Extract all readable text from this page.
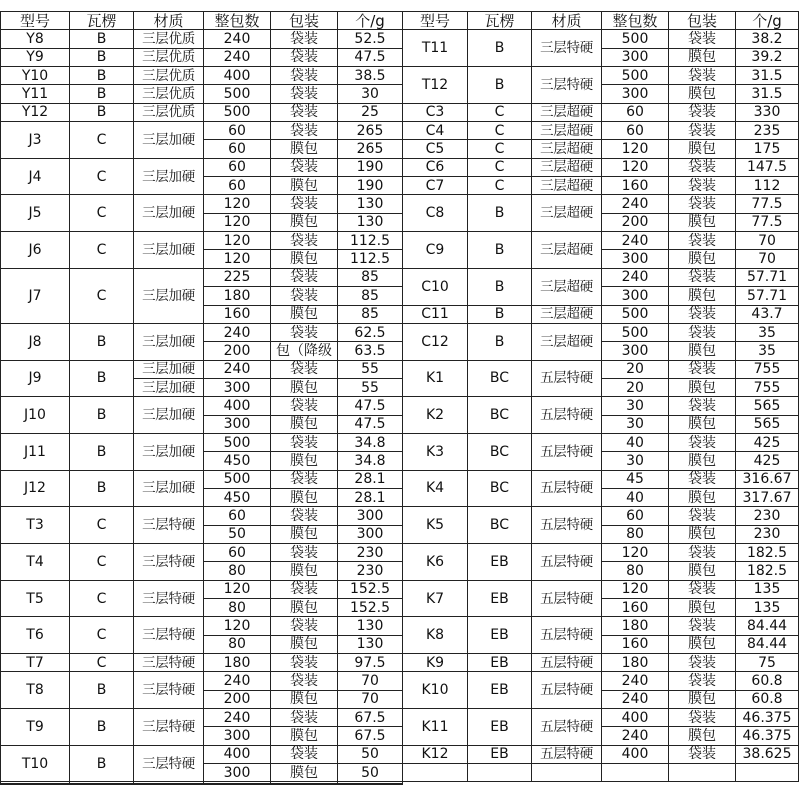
型号	瓦楞	材质	整包数	包装	个/g	型号	瓦楞	材质	整包数	包装	个/g
Y8	B	三层优质	240	袋装	52.5	T11	B	三层特硬	500	袋装	38.2
Y9	B	三层优质	240	袋装	47.5				300	膜包	39.2
Y10	B	三层优质	400	袋装	38.5	T12	B	三层特硬	500	袋装	31.5
Y11	B	三层优质	500	袋装	30				300	膜包	31.5
Y12	B	三层优质	500	袋装	25	C3	C	三层超硬	60	袋装	330
J3	C	三层加硬	60	袋装	265	C4	C	三层超硬	60	袋装	235
			60	膜包	265	C5	C	三层超硬	120	膜包	175
J4	C	三层加硬	60	袋装	190	C6	C	三层超硬	120	袋装	147.5
			60	膜包	190	C7	C	三层超硬	160	袋装	112
J5	C	三层加硬	120	袋装	130	C8	B	三层超硬	240	袋装	77.5
			120	膜包	130				200	膜包	77.5
J6	C	三层加硬	120	袋装	112.5	C9	B	三层超硬	240	袋装	70
			120	膜包	112.5				300	膜包	70
J7	C	三层加硬	225	袋装	85	C10	B	三层超硬	240	袋装	57.71
			180	袋装	85				300	膜包	57.71
			160	膜包	85	C11	B	三层超硬	500	袋装	43.7
J8	B	三层加硬	240	袋装	62.5	C12	B	三层超硬	500	袋装	35
			200	包（降级	63.5				300	膜包	35
J9	B	三层加硬	240	袋装	55	K1	BC	五层特硬	20	袋装	755
		三层加硬	300	膜包	55				20	膜包	755
J10	B	三层加硬	400	袋装	47.5	K2	BC	五层特硬	30	袋装	565
			300	膜包	47.5				30	膜包	565
J11	B	三层加硬	500	袋装	34.8	K3	BC	五层特硬	40	袋装	425
			450	膜包	34.8				30	膜包	425
J12	B	三层加硬	500	袋装	28.1	K4	BC	五层特硬	45	袋装	316.67
			450	膜包	28.1				40	膜包	317.67
T3	C	三层特硬	60	袋装	300	K5	BC	五层特硬	60	袋装	230
			50	膜包	300				80	膜包	230
T4	C	三层特硬	60	袋装	230	K6	EB	五层特硬	120	袋装	182.5
			80	膜包	230				80	膜包	182.5
T5	C	三层特硬	120	袋装	152.5	K7	EB	五层特硬	120	袋装	135
			80	膜包	152.5				160	膜包	135
T6	C	三层特硬	120	袋装	130	K8	EB	五层特硬	180	袋装	84.44
			80	膜包	130				160	膜包	84.44
T7	C	三层特硬	180	袋装	97.5	K9	EB	五层特硬	180	袋装	75
T8	B	三层特硬	240	袋装	70	K10	EB	五层特硬	240	袋装	60.8
			200	膜包	70				240	膜包	60.8
T9	B	三层特硬	240	袋装	67.5	K11	EB	五层特硬	400	袋装	46.375
			300	膜包	67.5				240	膜包	46.375
T10	B	三层特硬	400	袋装	50	K12	EB	五层特硬	400	袋装	38.625
			300	膜包	50						
